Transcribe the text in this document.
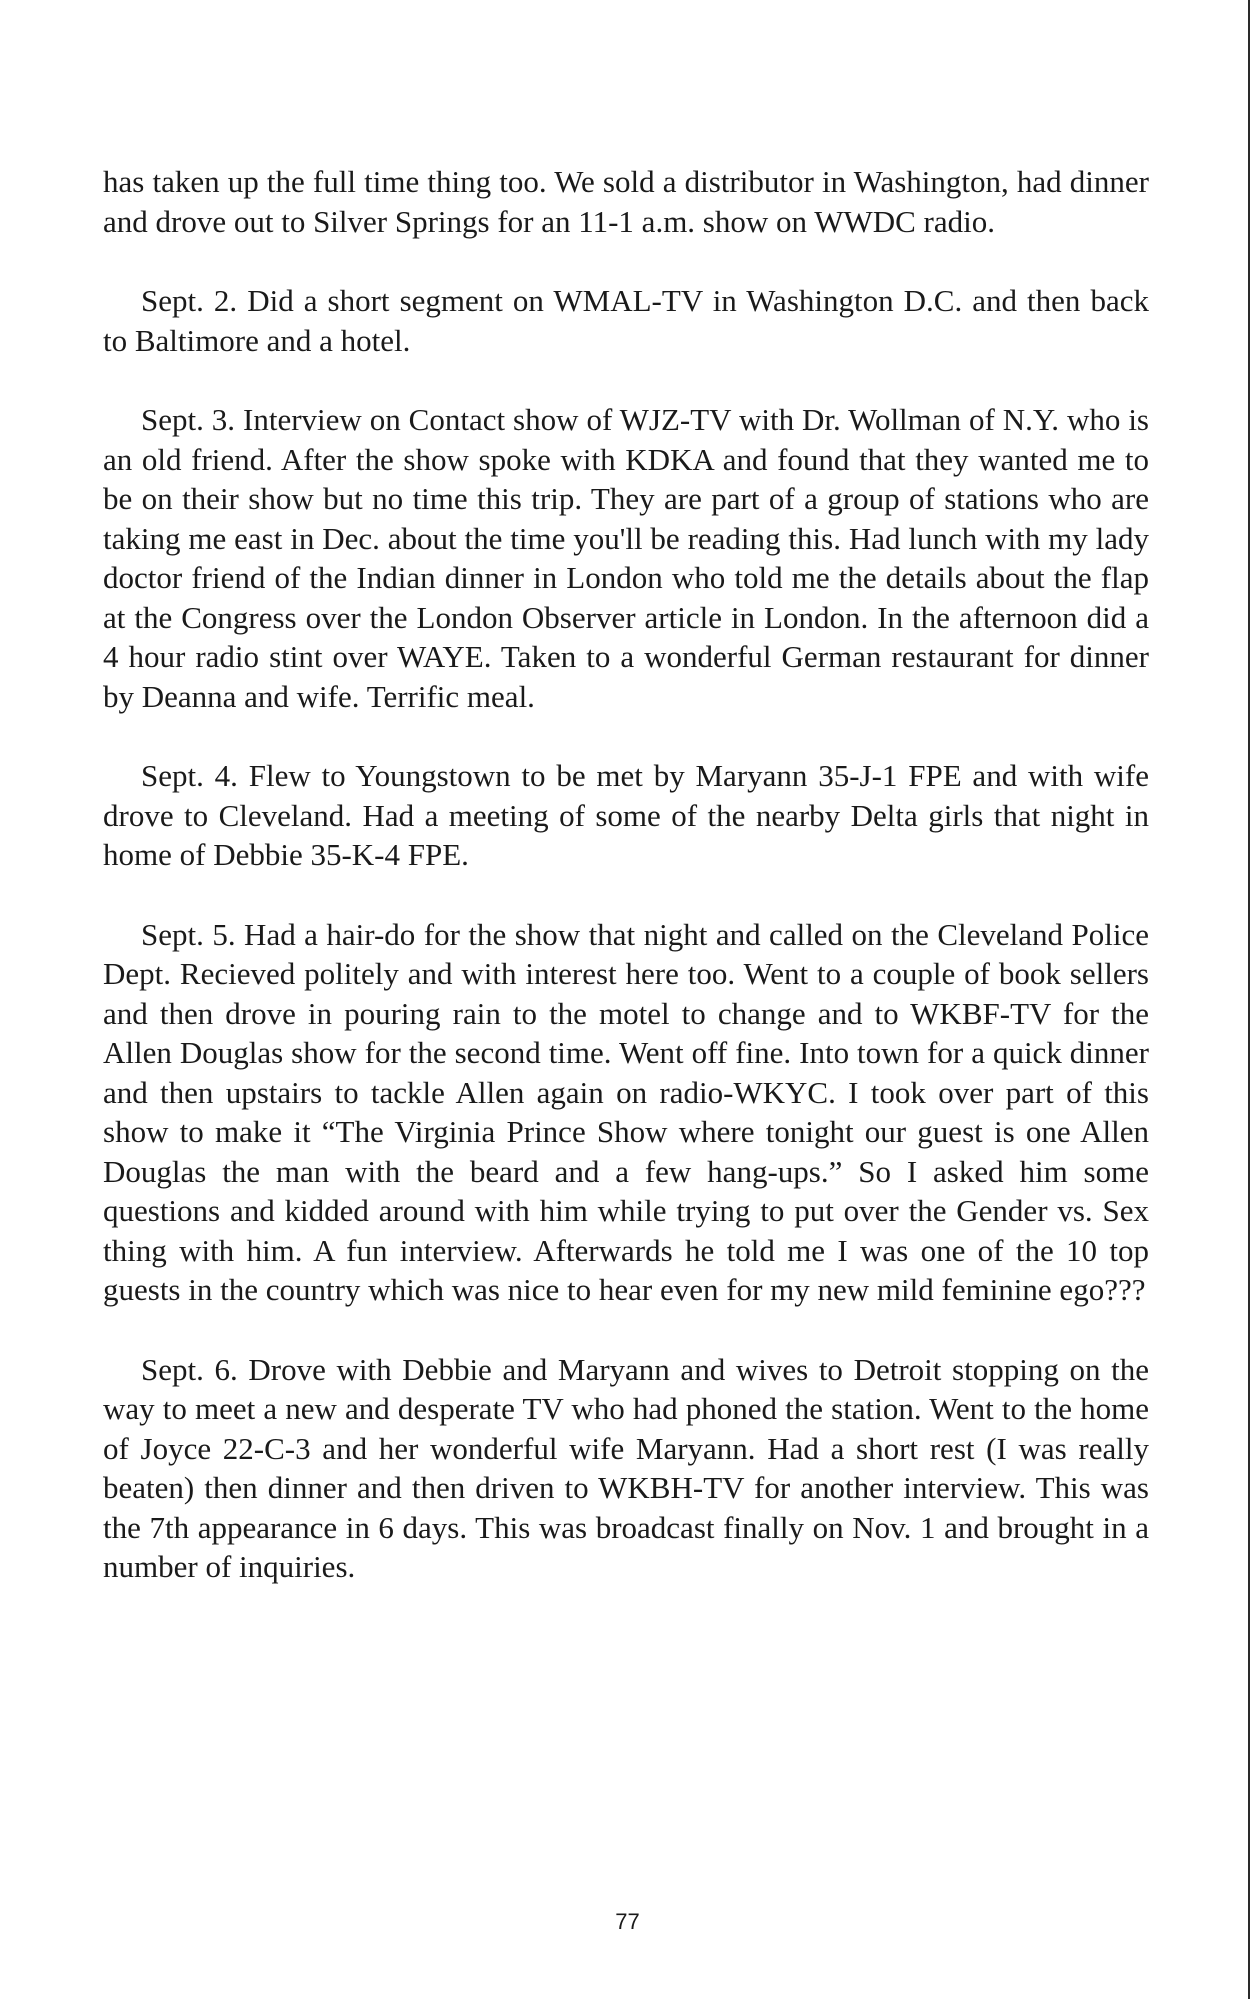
has taken up the full time thing too. We sold a distributor in Washington, had dinner and drove out to Silver Springs for an 11-1 a.m. show on WWDC radio.

Sept. 2. Did a short segment on WMAL-TV in Washington D.C. and then back to Baltimore and a hotel.

Sept. 3. Interview on Contact show of WJZ-TV with Dr. Wollman of N.Y. who is an old friend. After the show spoke with KDKA and found that they wanted me to be on their show but no time this trip. They are part of a group of stations who are taking me east in Dec. about the time you'll be reading this. Had lunch with my lady doctor friend of the Indian dinner in London who told me the details about the flap at the Congress over the London Observer article in London. In the afternoon did a 4 hour radio stint over WAYE. Taken to a wonderful German restaurant for dinner by Deanna and wife. Terrific meal.

Sept. 4. Flew to Youngstown to be met by Maryann 35-J-1 FPE and with wife drove to Cleveland. Had a meeting of some of the nearby Delta girls that night in home of Debbie 35-K-4 FPE.

Sept. 5. Had a hair-do for the show that night and called on the Cleveland Police Dept. Recieved politely and with interest here too. Went to a couple of book sellers and then drove in pouring rain to the motel to change and to WKBF-TV for the Allen Douglas show for the second time. Went off fine. Into town for a quick dinner and then upstairs to tackle Allen again on radio-WKYC. I took over part of this show to make it “The Virginia Prince Show where tonight our guest is one Allen Douglas the man with the beard and a few hang-ups.” So I asked him some questions and kidded around with him while trying to put over the Gender vs. Sex thing with him. A fun interview. Afterwards he told me I was one of the 10 top guests in the country which was nice to hear even for my new mild feminine ego???

Sept. 6. Drove with Debbie and Maryann and wives to Detroit stopping on the way to meet a new and desperate TV who had phoned the station. Went to the home of Joyce 22-C-3 and her wonderful wife Maryann. Had a short rest (I was really beaten) then dinner and then driven to WKBH-TV for another interview. This was the 7th appearance in 6 days. This was broadcast finally on Nov. 1 and brought in a number of inquiries.

77
